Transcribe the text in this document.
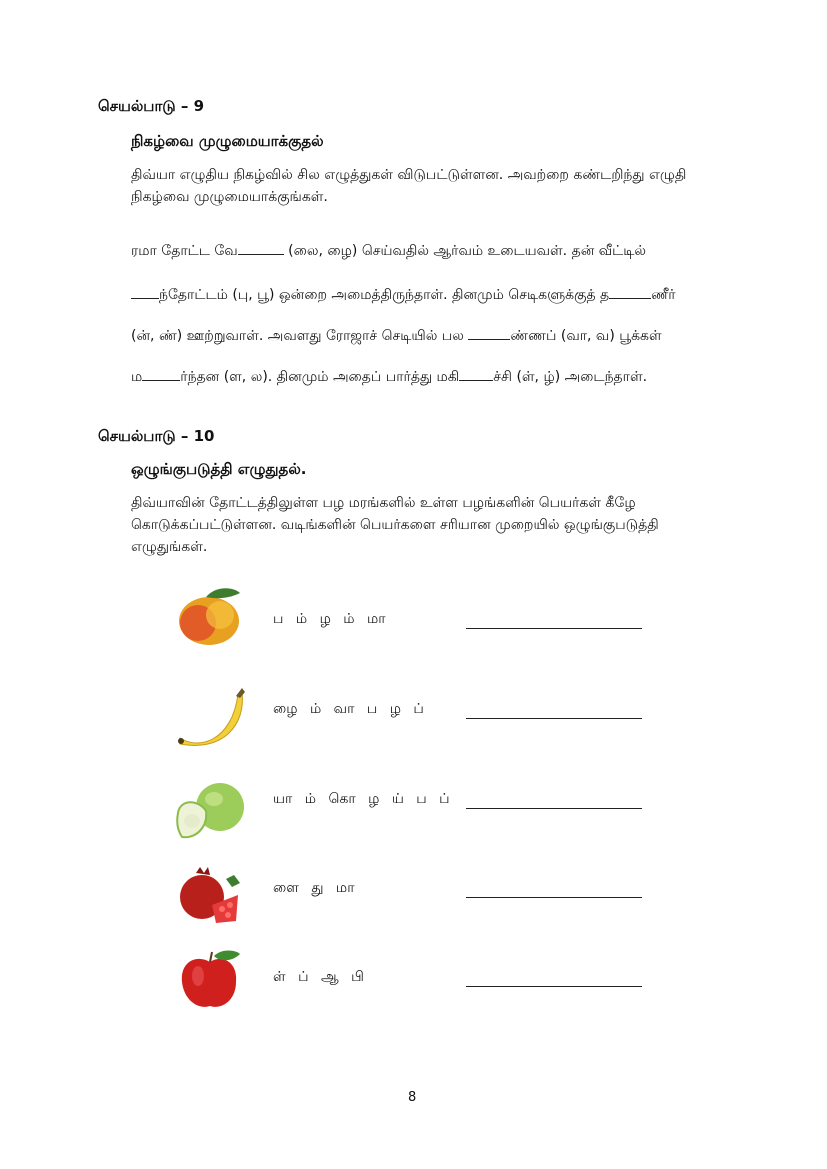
செயல்பாடு – 9
நிகழ்வை முழுமையாக்குதல்
திவ்யா எழுதிய நிகழ்வில் சில எழுத்துகள் விடுபட்டுள்ளன. அவற்றை கண்டறிந்து எழுதி நிகழ்வை முழுமையாக்குங்கள்.
ரமா தோட்ட வே	(லை, ழை) செய்வதில் ஆர்வம் உடையவள். தன் வீட்டில்
ந்தோட்டம் (பு, பூ) ஒன்றை அமைத்திருந்தாள். தினமும் செடிகளுக்குத் த	ணீர்
(ன், ண்) ஊற்றுவாள். அவளது ரோஜாச் செடியில் பல	ண்ணப் (வா, வ) பூக்கள்
ம	ர்ந்தன (ள, ல). தினமும் அதைப் பார்த்து மகி ச்சி (ள், ழ்) அடைந்தாள்.
செயல்பாடு – 10
ஒழுங்குபடுத்தி எழுதுதல்.
திவ்யாவின் தோட்டத்திலுள்ள பழ மரங்களில் உள்ள பழங்களின் பெயர்கள் கீழே கொடுக்கப்பட்டுள்ளன. வடிங்களின் பெயர்களை சரியான முறையில் ஒழுங்குபடுத்தி எழுதுங்கள்.
ப ம் ழ ம் மா
ழை ம் வா ப ழ ப்
யா ம் கொ ழ ய் ப ப்
ளை து மா
ள் ப் ஆ பி
8
